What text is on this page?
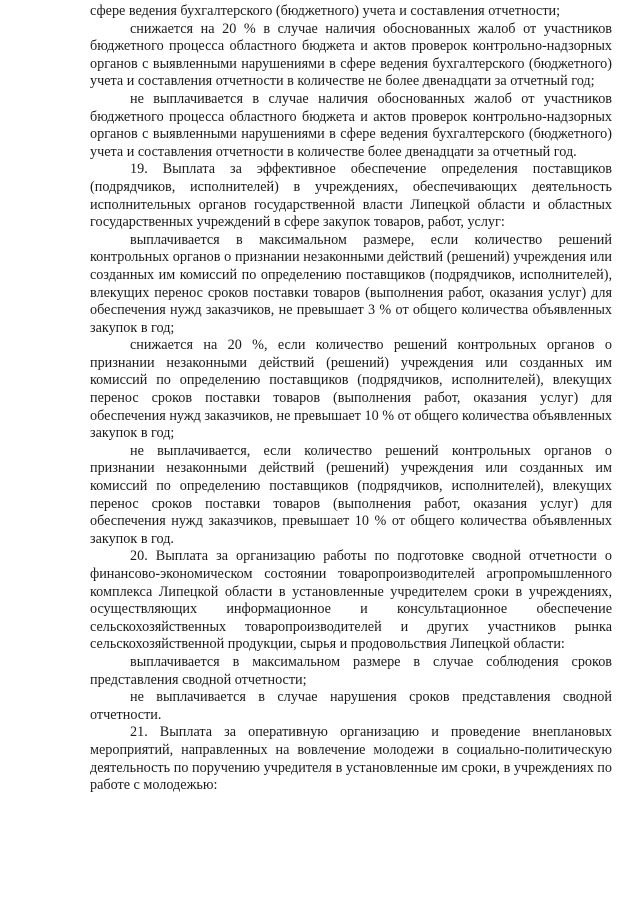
сфере ведения бухгалтерского (бюджетного) учета и составления отчетности;

снижается на 20 % в случае наличия обоснованных жалоб от участников бюджетного процесса областного бюджета и актов проверок контрольно-надзорных органов с выявленными нарушениями в сфере ведения бухгалтерского (бюджетного) учета и составления отчетности в количестве не более двенадцати за отчетный год;

не выплачивается в случае наличия обоснованных жалоб от участников бюджетного процесса областного бюджета и актов проверок контрольно-надзорных органов с выявленными нарушениями в сфере ведения бухгалтерского (бюджетного) учета и составления отчетности в количестве более двенадцати за отчетный год.

19. Выплата за эффективное обеспечение определения поставщиков (подрядчиков, исполнителей) в учреждениях, обеспечивающих деятельность исполнительных органов государственной власти Липецкой области и областных государственных учреждений в сфере закупок товаров, работ, услуг:

выплачивается в максимальном размере, если количество решений контрольных органов о признании незаконными действий (решений) учреждения или созданных им комиссий по определению поставщиков (подрядчиков, исполнителей), влекущих перенос сроков поставки товаров (выполнения работ, оказания услуг) для обеспечения нужд заказчиков, не превышает 3 % от общего количества объявленных закупок в год;

снижается на 20 %, если количество решений контрольных органов о признании незаконными действий (решений) учреждения или созданных им комиссий по определению поставщиков (подрядчиков, исполнителей), влекущих перенос сроков поставки товаров (выполнения работ, оказания услуг) для обеспечения нужд заказчиков, не превышает 10 % от общего количества объявленных закупок в год;

не выплачивается, если количество решений контрольных органов о признании незаконными действий (решений) учреждения или созданных им комиссий по определению поставщиков (подрядчиков, исполнителей), влекущих перенос сроков поставки товаров (выполнения работ, оказания услуг) для обеспечения нужд заказчиков, превышает 10 % от общего количества объявленных закупок в год.

20. Выплата за организацию работы по подготовке сводной отчетности о финансово-экономическом состоянии товаропроизводителей агропромышленного комплекса Липецкой области в установленные учредителем сроки в учреждениях, осуществляющих информационное и консультационное обеспечение сельскохозяйственных товаропроизводителей и других участников рынка сельскохозяйственной продукции, сырья и продовольствия Липецкой области:

выплачивается в максимальном размере в случае соблюдения сроков представления сводной отчетности;

не выплачивается в случае нарушения сроков представления сводной отчетности.

21. Выплата за оперативную организацию и проведение внеплановых мероприятий, направленных на вовлечение молодежи в социально-политическую деятельность по поручению учредителя в установленные им сроки, в учреждениях по работе с молодежью:
